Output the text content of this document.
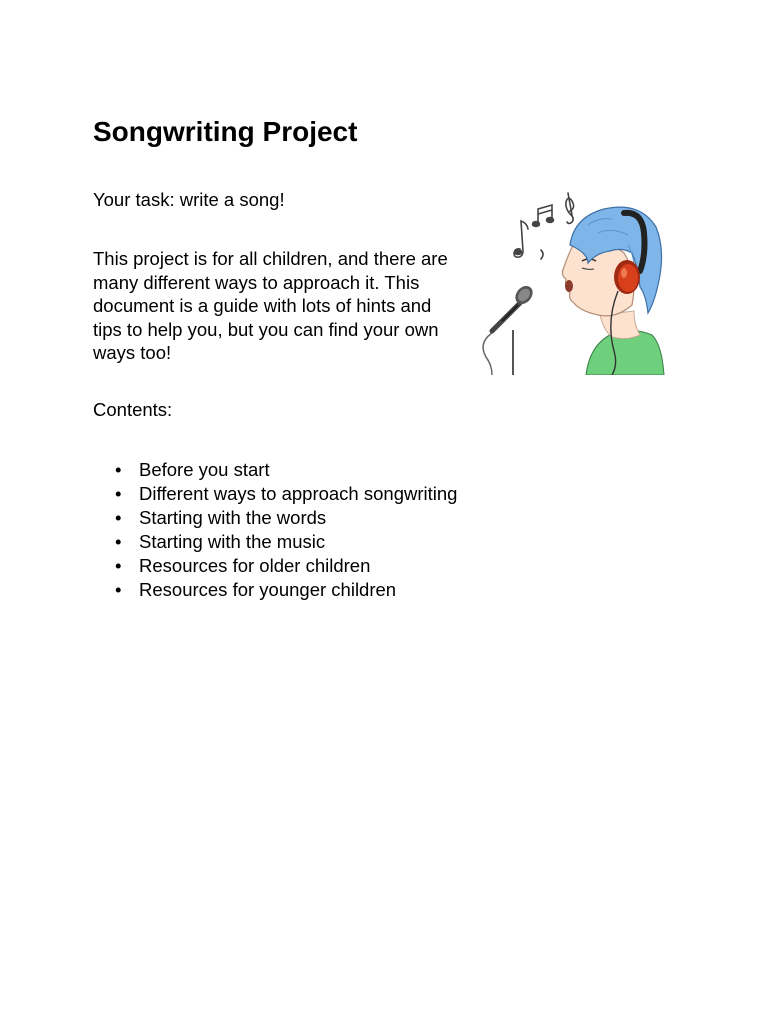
Songwriting Project

Your task: write a song!

This project is for all children, and there are
many different ways to approach it. This
document is a guide with lots of hints and
tips to help you, but you can find your own
ways too!

Contents:

• Before you start
• Different ways to approach songwriting
• Starting with the words
• Starting with the music
• Resources for older children
• Resources for younger children
